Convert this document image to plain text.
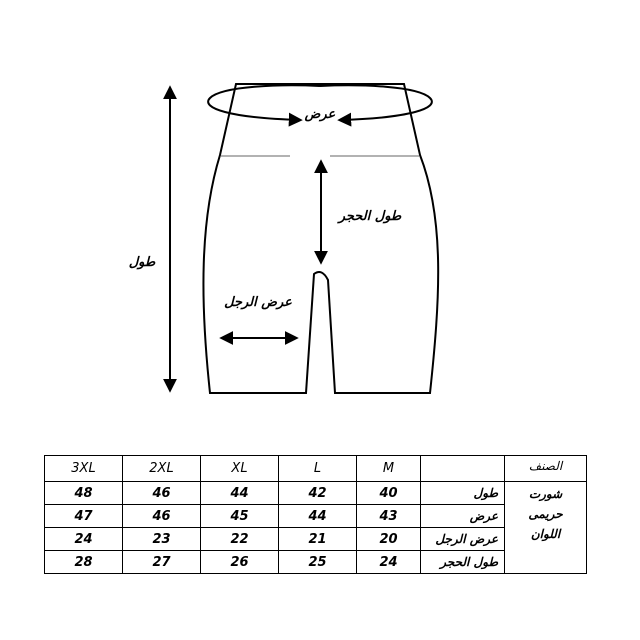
عرض
طول
طول الحجر
عرض الرجل
3XL	2XL	XL	L	M		الصنف
48	46	44	42	40	طول	شورت
حريمى
اللوان

47	46	45	44	43	عرض	
24	23	22	21	20	عرض الرجل	
28	27	26	25	24	طول الحجر	
